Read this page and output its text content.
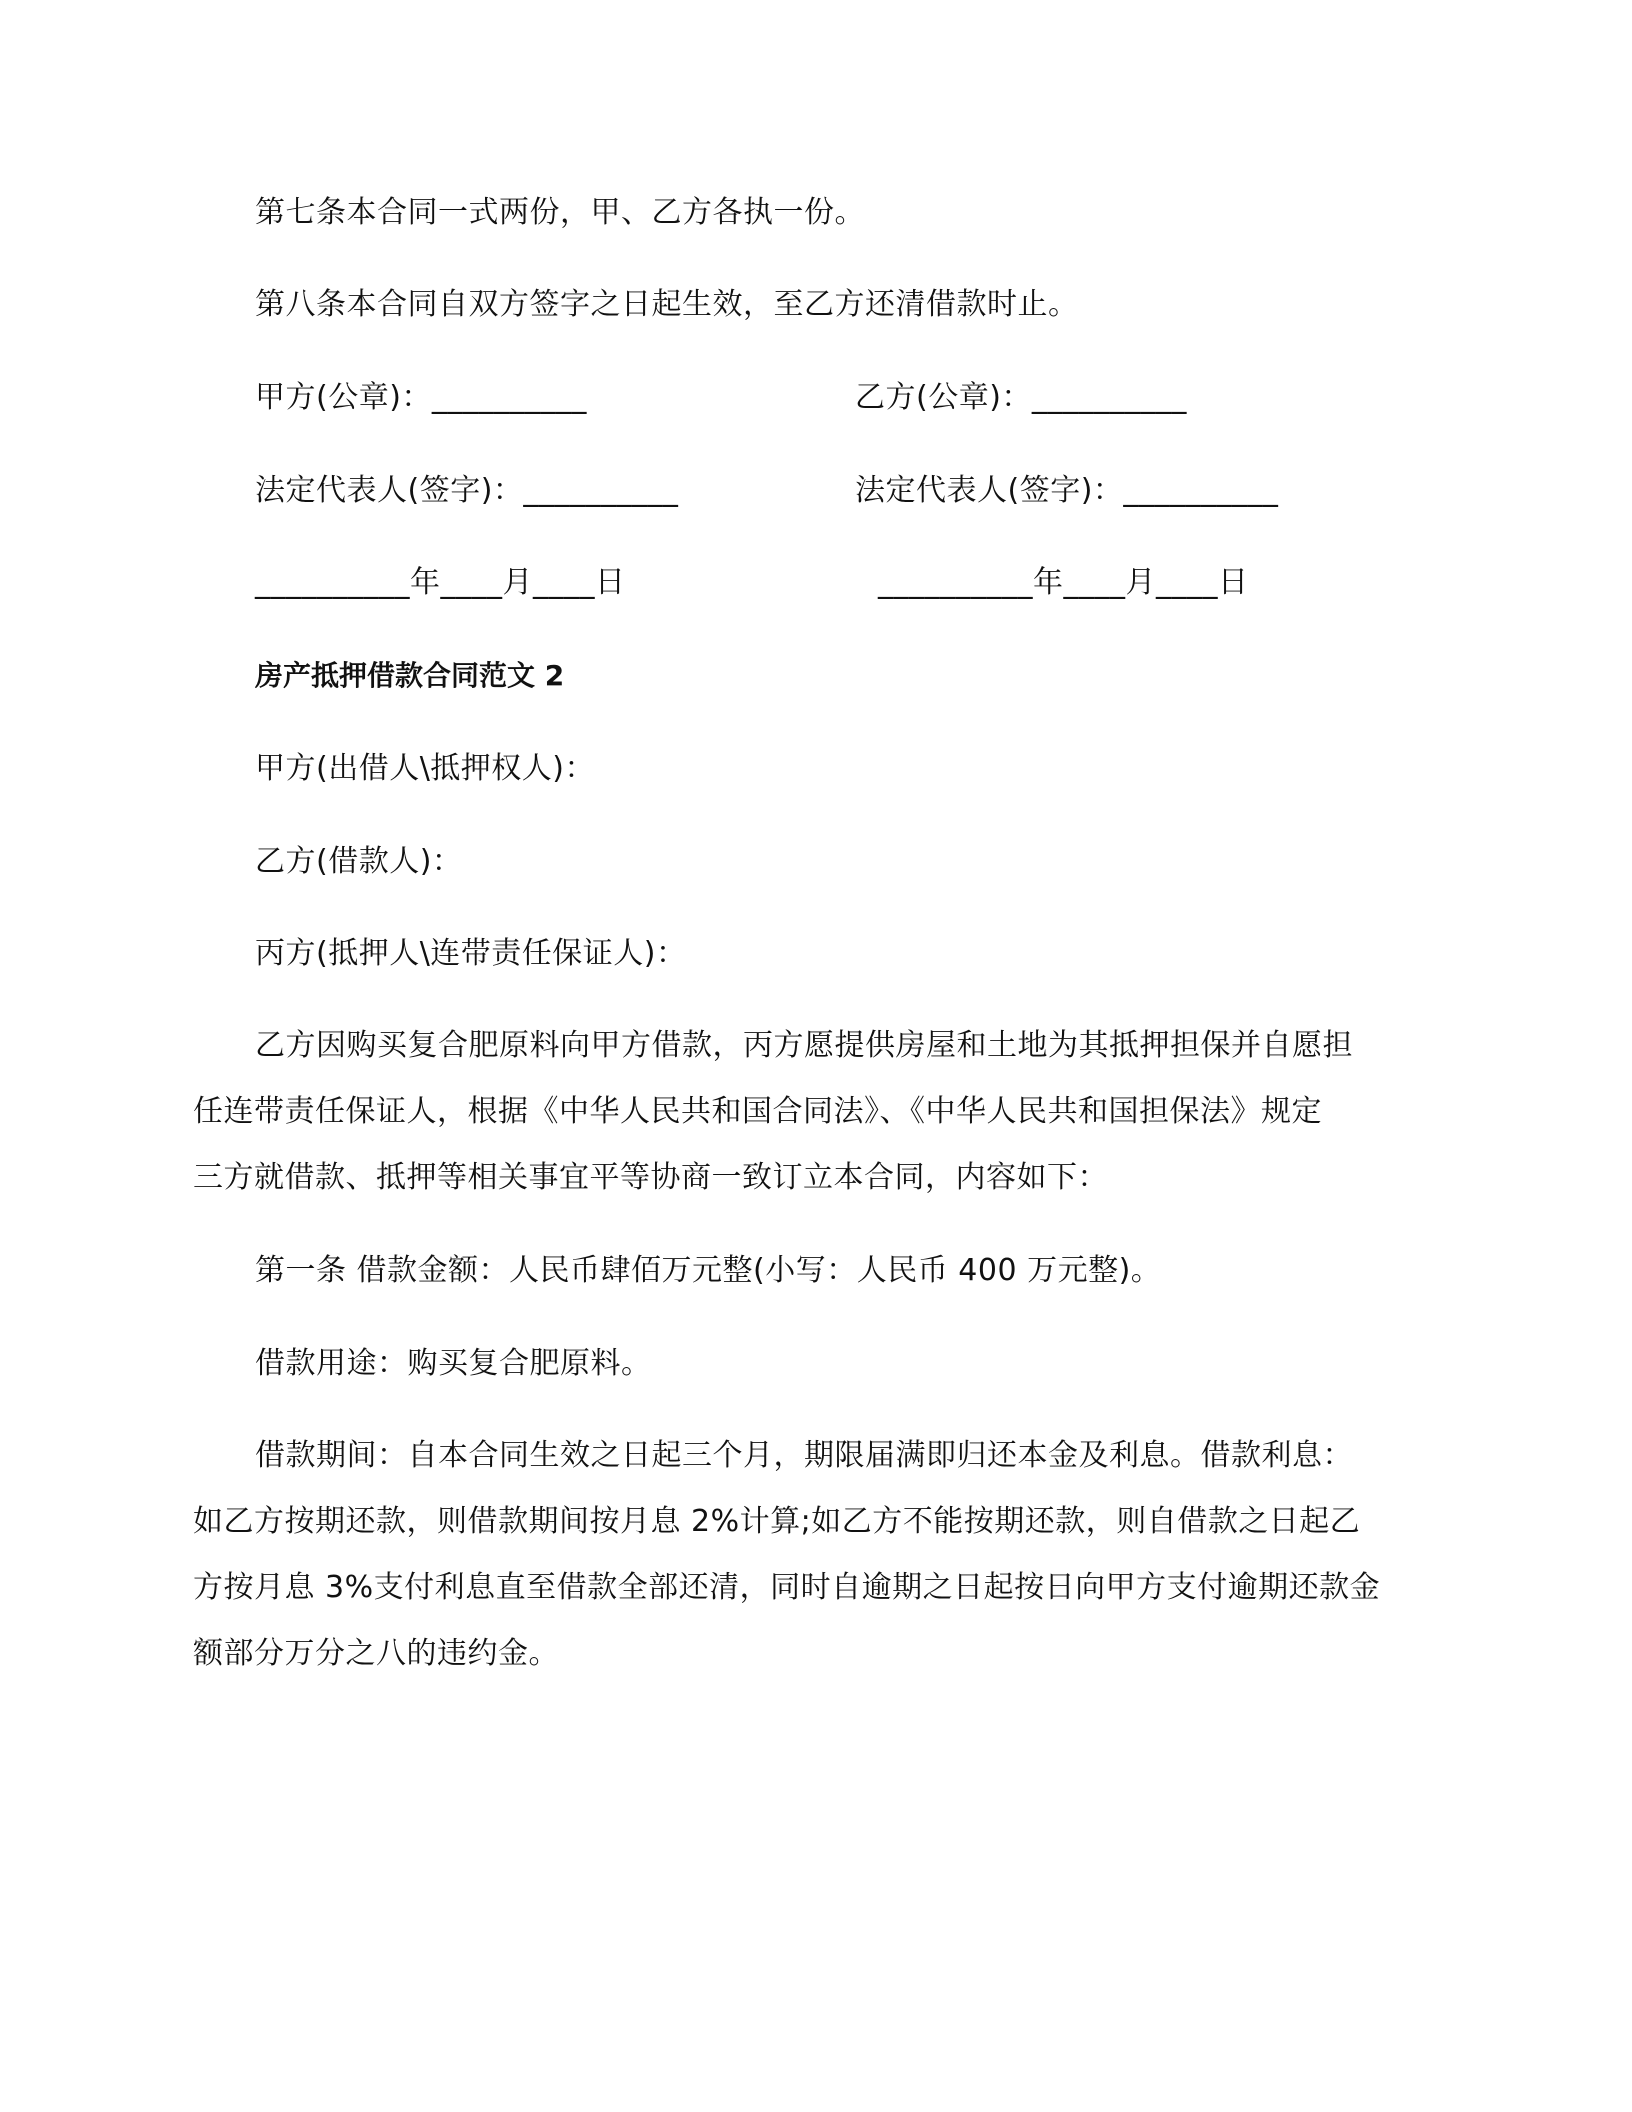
第七条本合同一式两份，甲、乙方各执一份。
第八条本合同自双方签字之日起生效，至乙方还清借款时止。
甲方(公章)：__________	乙方(公章)：__________
法定代表人(签字)：__________	法定代表人(签字)：__________
__________年____月____日	__________年____月____日
房产抵押借款合同范文 2
甲方(出借人\抵押权人)：
乙方(借款人)：
丙方(抵押人\连带责任保证人)：
乙方因购买复合肥原料向甲方借款，丙方愿提供房屋和土地为其抵押担保并自愿担
任连带责任保证人，根据《中华人民共和国合同法》、《中华人民共和国担保法》规定
三方就借款、抵押等相关事宜平等协商一致订立本合同，内容如下：
第一条 借款金额：人民币肆佰万元整(小写：人民币 400 万元整)。
借款用途：购买复合肥原料。
借款期间：自本合同生效之日起三个月，期限届满即归还本金及利息。借款利息：
如乙方按期还款，则借款期间按月息 2%计算;如乙方不能按期还款，则自借款之日起乙
方按月息 3%支付利息直至借款全部还清，同时自逾期之日起按日向甲方支付逾期还款金
额部分万分之八的违约金。
